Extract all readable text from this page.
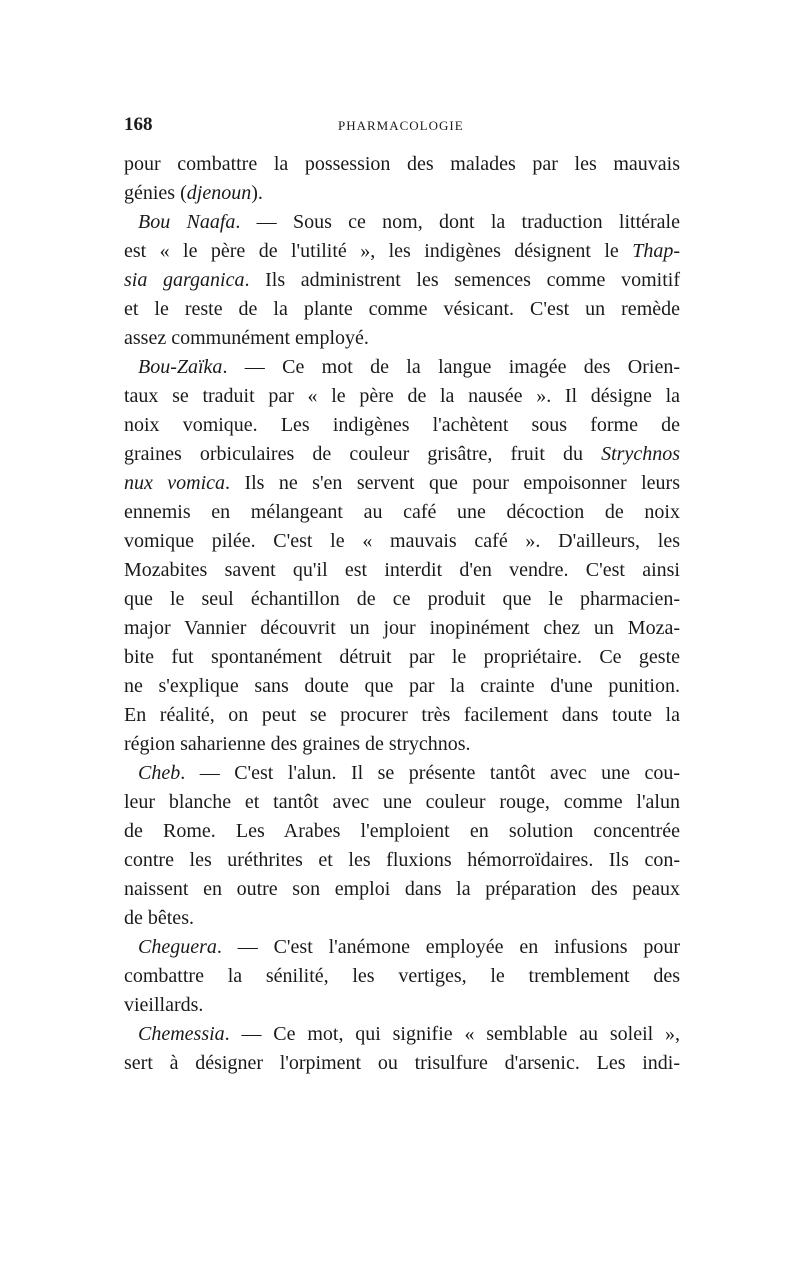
168	PHARMACOLOGIE
pour combattre la possession des malades par les mauvais
génies (djenoun).
Bou Naafa. — Sous ce nom, dont la traduction littérale
est « le père de l'utilité », les indigènes désignent le Thap-
sia garganica. Ils administrent les semences comme vomitif
et le reste de la plante comme vésicant. C'est un remède
assez communément employé.
Bou-Zaïka. — Ce mot de la langue imagée des Orien-
taux se traduit par « le père de la nausée ». Il désigne la
noix vomique. Les indigènes l'achètent sous forme de
graines orbiculaires de couleur grisâtre, fruit du Strychnos
nux vomica. Ils ne s'en servent que pour empoisonner leurs
ennemis en mélangeant au café une décoction de noix
vomique pilée. C'est le « mauvais café ». D'ailleurs, les
Mozabites savent qu'il est interdit d'en vendre. C'est ainsi
que le seul échantillon de ce produit que le pharmacien-
major Vannier découvrit un jour inopinément chez un Moza-
bite fut spontanément détruit par le propriétaire. Ce geste
ne s'explique sans doute que par la crainte d'une punition.
En réalité, on peut se procurer très facilement dans toute la
région saharienne des graines de strychnos.
Cheb. — C'est l'alun. Il se présente tantôt avec une cou-
leur blanche et tantôt avec une couleur rouge, comme l'alun
de Rome. Les Arabes l'emploient en solution concentrée
contre les uréthrites et les fluxions hémorroïdaires. Ils con-
naissent en outre son emploi dans la préparation des peaux
de bêtes.
Cheguera. — C'est l'anémone employée en infusions pour
combattre la sénilité, les vertiges, le tremblement des
vieillards.
Chemessia. — Ce mot, qui signifie « semblable au soleil »,
sert à désigner l'orpiment ou trisulfure d'arsenic. Les indi-
